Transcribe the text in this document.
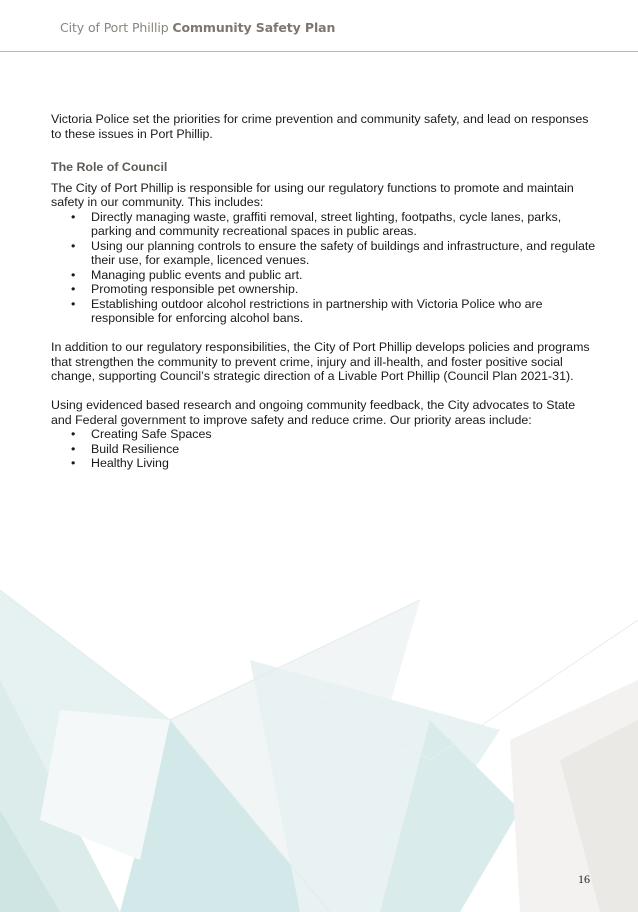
City of Port Phillip Community Safety Plan

Victoria Police set the priorities for crime prevention and community safety, and lead on responses to these issues in Port Phillip.

The Role of Council

The City of Port Phillip is responsible for using our regulatory functions to promote and maintain safety in our community. This includes:

• Directly managing waste, graffiti removal, street lighting, footpaths, cycle lanes, parks, parking and community recreational spaces in public areas.
• Using our planning controls to ensure the safety of buildings and infrastructure, and regulate their use, for example, licenced venues.
• Managing public events and public art.
• Promoting responsible pet ownership.
• Establishing outdoor alcohol restrictions in partnership with Victoria Police who are responsible for enforcing alcohol bans.

In addition to our regulatory responsibilities, the City of Port Phillip develops policies and programs that strengthen the community to prevent crime, injury and ill-health, and foster positive social change, supporting Council’s strategic direction of a Livable Port Phillip (Council Plan 2021-31).

Using evidenced based research and ongoing community feedback, the City advocates to State and Federal government to improve safety and reduce crime. Our priority areas include:

• Creating Safe Spaces
• Build Resilience
• Healthy Living
16
